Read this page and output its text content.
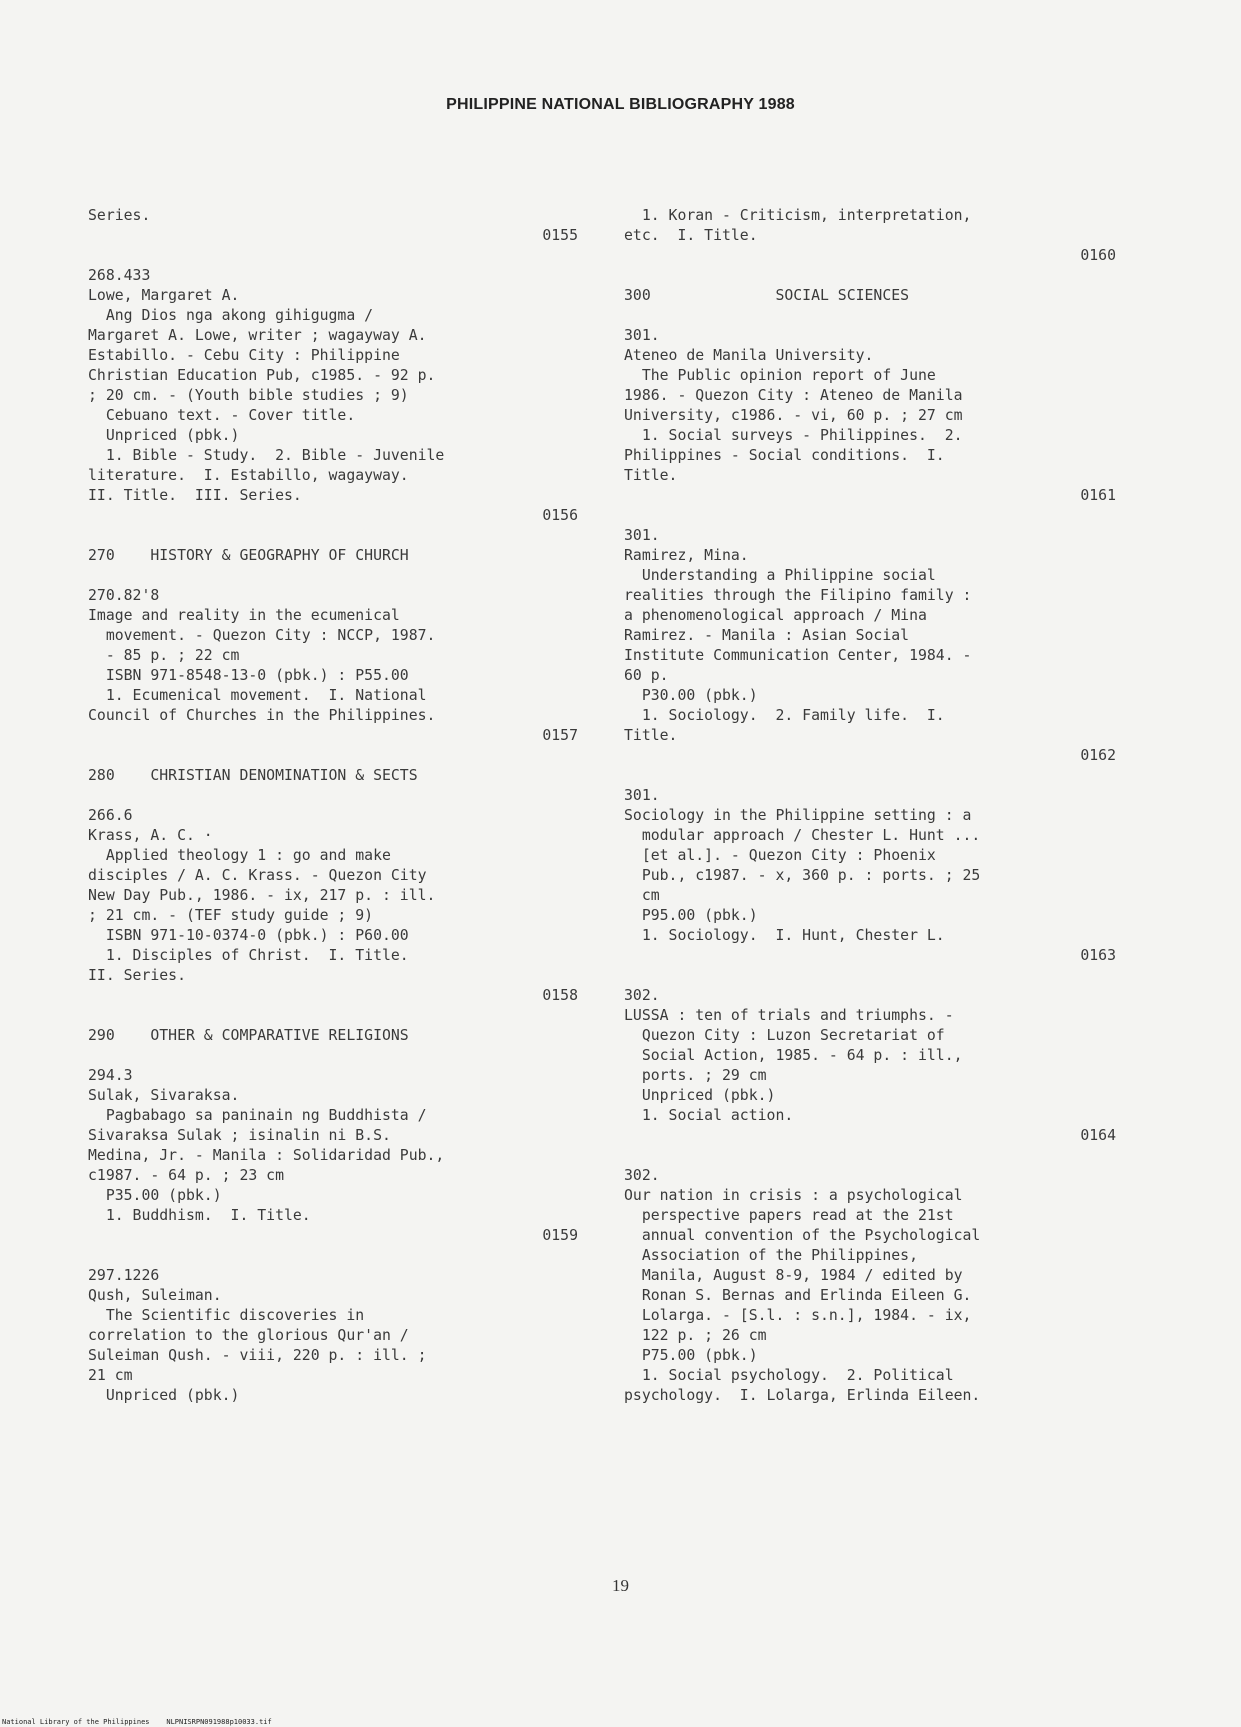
PHILIPPINE NATIONAL BIBLIOGRAPHY 1988
Series.
0155
268.433
Lowe, Margaret A.
Ang Dios nga akong gihigugma /
Margaret A. Lowe, writer ; wagayway A.
Estabillo. - Cebu City : Philippine
Christian Education Pub, c1985. - 92 p.
; 20 cm. - (Youth bible studies ; 9)
Cebuano text. - Cover title.
Unpriced (pbk.)
1. Bible - Study.  2. Bible - Juvenile
literature.  I. Estabillo, wagayway.
II. Title.  III. Series.
0156
270    HISTORY & GEOGRAPHY OF CHURCH
270.82'8
Image and reality in the ecumenical
movement. - Quezon City : NCCP, 1987.
- 85 p. ; 22 cm
ISBN 971-8548-13-0 (pbk.) : P55.00
1. Ecumenical movement.  I. National
Council of Churches in the Philippines.
0157
280    CHRISTIAN DENOMINATION & SECTS
266.6
Krass, A. C. ·
Applied theology 1 : go and make
disciples / A. C. Krass. - Quezon City
New Day Pub., 1986. - ix, 217 p. : ill.
; 21 cm. - (TEF study guide ; 9)
ISBN 971-10-0374-0 (pbk.) : P60.00
1. Disciples of Christ.  I. Title.
II. Series.
0158
290    OTHER & COMPARATIVE RELIGIONS
294.3
Sulak, Sivaraksa.
Pagbabago sa paninain ng Buddhista /
Sivaraksa Sulak ; isinalin ni B.S.
Medina, Jr. - Manila : Solidaridad Pub.,
c1987. - 64 p. ; 23 cm
P35.00 (pbk.)
1. Buddhism.  I. Title.
0159
297.1226
Qush, Suleiman.
The Scientific discoveries in
correlation to the glorious Qur'an /
Suleiman Qush. - viii, 220 p. : ill. ;
21 cm
Unpriced (pbk.)
1. Koran - Criticism, interpretation,
etc.  I. Title.
0160
300              SOCIAL SCIENCES
301.
Ateneo de Manila University.
The Public opinion report of June
1986. - Quezon City : Ateneo de Manila
University, c1986. - vi, 60 p. ; 27 cm
1. Social surveys - Philippines.  2.
Philippines - Social conditions.  I.
Title.
0161
301.
Ramirez, Mina.
Understanding a Philippine social
realities through the Filipino family :
a phenomenological approach / Mina
Ramirez. - Manila : Asian Social
Institute Communication Center, 1984. -
60 p.
P30.00 (pbk.)
1. Sociology.  2. Family life.  I.
Title.
0162
301.
Sociology in the Philippine setting : a
modular approach / Chester L. Hunt ...
[et al.]. - Quezon City : Phoenix
Pub., c1987. - x, 360 p. : ports. ; 25
cm
P95.00 (pbk.)
1. Sociology.  I. Hunt, Chester L.
0163
302.
LUSSA : ten of trials and triumphs. -
Quezon City : Luzon Secretariat of
Social Action, 1985. - 64 p. : ill.,
ports. ; 29 cm
Unpriced (pbk.)
1. Social action.
0164
302.
Our nation in crisis : a psychological
perspective papers read at the 21st
annual convention of the Psychological
Association of the Philippines,
Manila, August 8-9, 1984 / edited by
Ronan S. Bernas and Erlinda Eileen G.
Lolarga. - [S.l. : s.n.], 1984. - ix,
122 p. ; 26 cm
P75.00 (pbk.)
1. Social psychology.  2. Political
psychology.  I. Lolarga, Erlinda Eileen.
19
National Library of the Philippines    NLPNISRPN091988p10033.tif
